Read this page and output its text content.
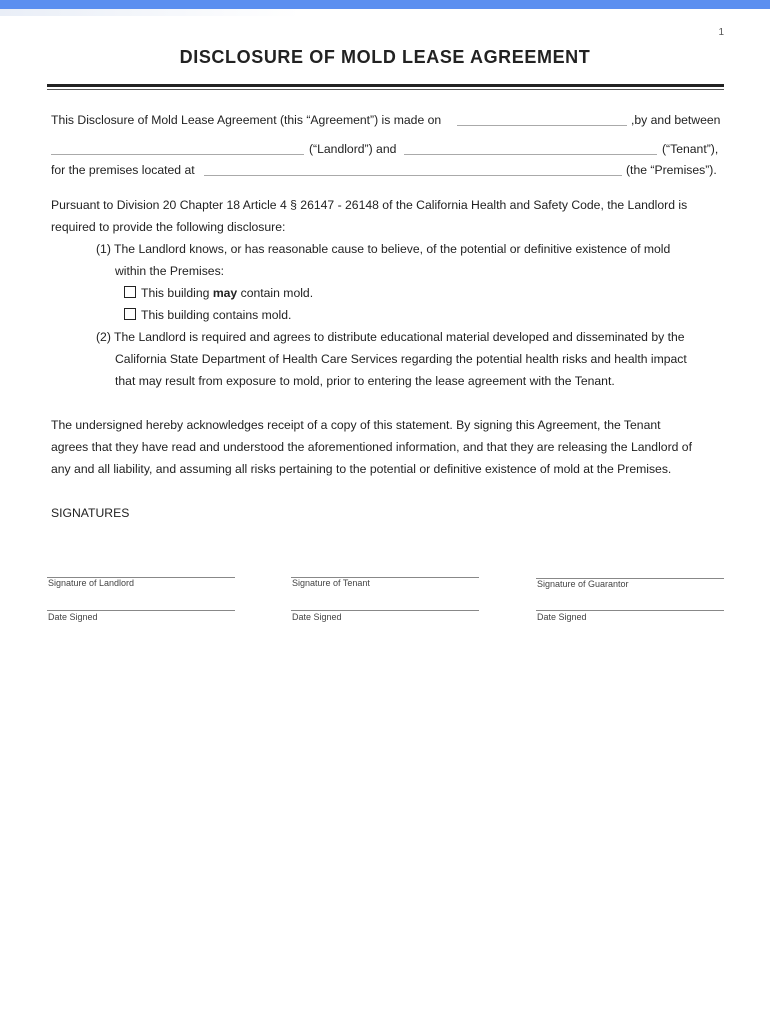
1
DISCLOSURE OF MOLD LEASE AGREEMENT
This Disclosure of Mold Lease Agreement (this “Agreement”) is made on	,by and between
(“Landlord”) and	(“Tenant”),
for the premises located at	(the “Premises”).
Pursuant to Division 20 Chapter 18 Article 4 § 26147 - 26148 of the California Health and Safety Code, the Landlord is
required to provide the following disclosure:
(1) The Landlord knows, or has reasonable cause to believe, of the potential or definitive existence of mold
within the Premises:
This building may contain mold.
This building contains mold.
(2) The Landlord is required and agrees to distribute educational material developed and disseminated by the
California State Department of Health Care Services regarding the potential health risks and health impact
that may result from exposure to mold, prior to entering the lease agreement with the Tenant.
The undersigned hereby acknowledges receipt of a copy of this statement. By signing this Agreement, the Tenant
agrees that they have read and understood the aforementioned information, and that they are releasing the Landlord of
any and all liability, and assuming all risks pertaining to the potential or definitive existence of mold at the Premises.
SIGNATURES
Signature of Landlord	Signature of Tenant	Signature of Guarantor
Date Signed	Date Signed	Date Signed
